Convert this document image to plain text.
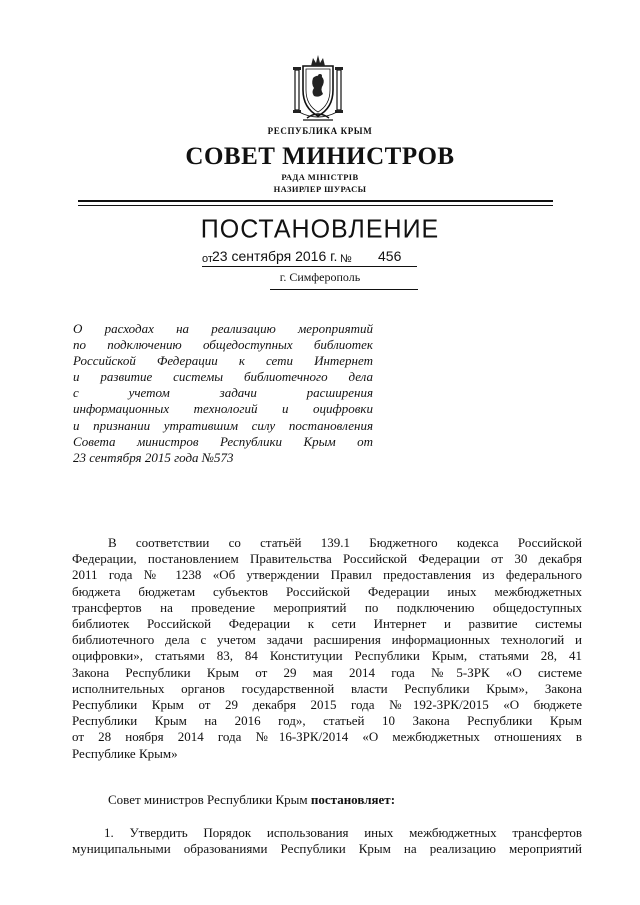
РЕСПУБЛИКА КРЫМ
СОВЕТ МИНИСТРОВ
РАДА МІНІСТРІВ
НАЗИРЛЕР ШУРАСЫ
ПОСТАНОВЛЕНИЕ
от 23 сентября 2016 г. № 456
г. Симферополь
О расходах на реализацию мероприятий
по подключению общедоступных библиотек
Российской Федерации к сети Интернет
и развитие системы библиотечного дела
с учетом задачи расширения
информационных технологий и оцифровки
и признании утратившим силу постановления
Совета министров Республики Крым от
23 сентября 2015 года №573
В соответствии со статьёй 139.1 Бюджетного кодекса Российской
Федерации, постановлением Правительства Российской Федерации от 30 декабря
2011 года № 1238 «Об утверждении Правил предоставления из федерального
бюджета бюджетам субъектов Российской Федерации иных межбюджетных
трансфертов на проведение мероприятий по подключению общедоступных
библиотек Российской Федерации к сети Интернет и развитие системы
библиотечного дела с учетом задачи расширения информационных технологий и
оцифровки», статьями 83, 84 Конституции Республики Крым, статьями 28, 41
Закона Республики Крым от 29 мая 2014 года №5-ЗРК «О системе
исполнительных органов государственной власти Республики Крым», Закона
Республики Крым от 29 декабря 2015 года №192-ЗРК/2015 «О бюджете
Республики Крым на 2016 год», статьей 10 Закона Республики Крым
от 28 ноября 2014 года №16-ЗРК/2014 «О межбюджетных отношениях в
Республике Крым»
Совет министров Республики Крым постановляет:
1. Утвердить Порядок использования иных межбюджетных трансфертов
муниципальными образованиями Республики Крым на реализацию мероприятий
